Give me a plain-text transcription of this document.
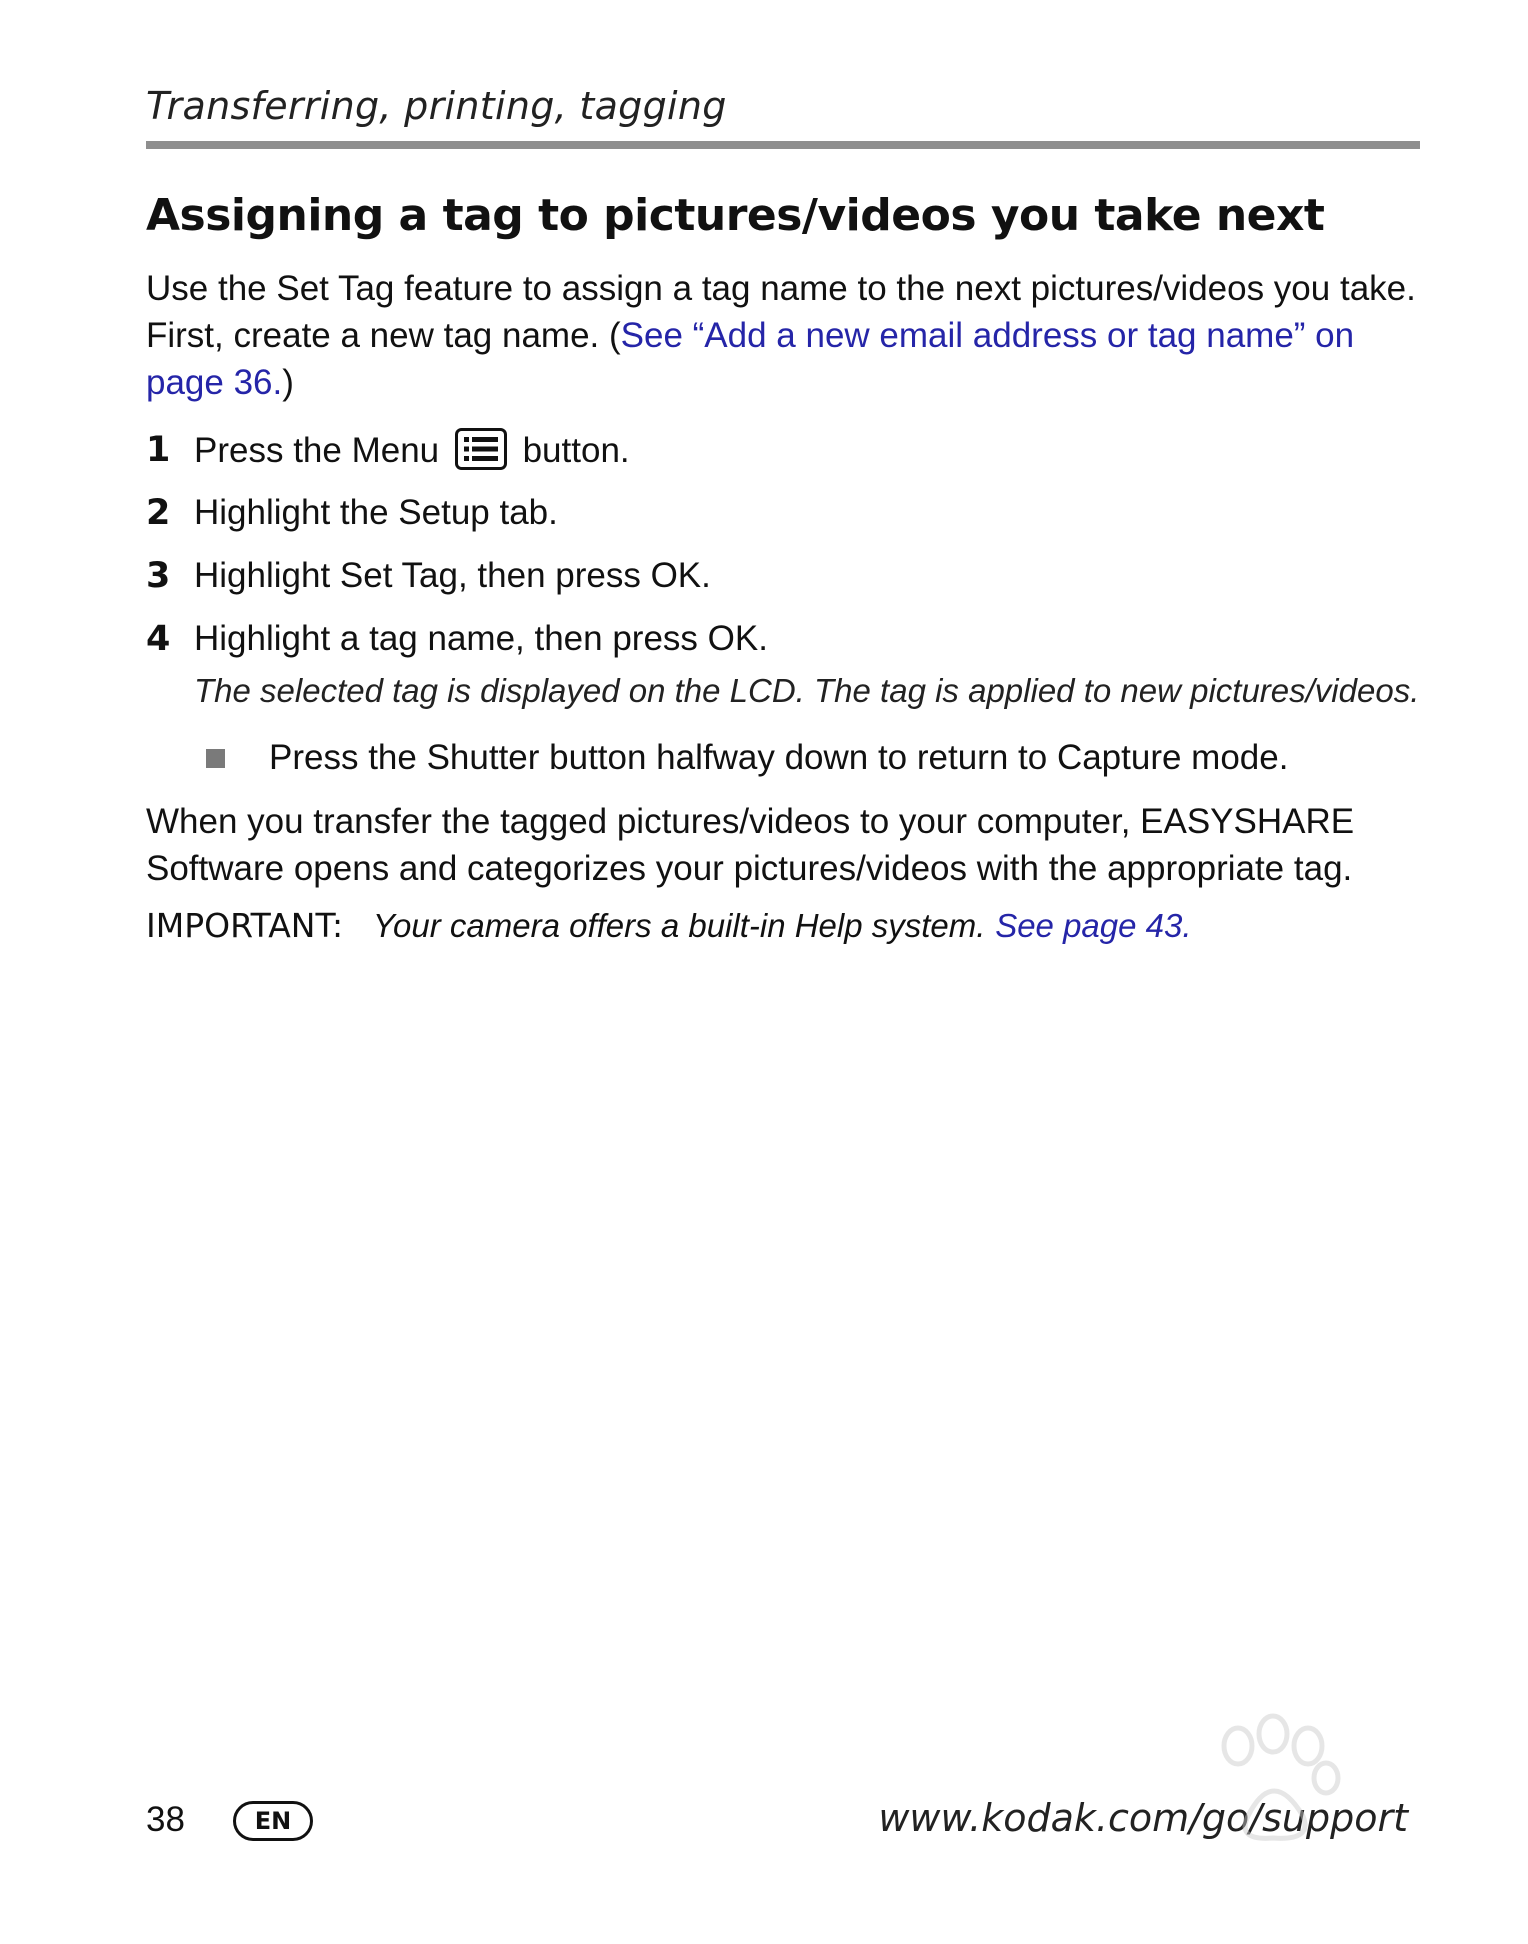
Transferring, printing, tagging
Assigning a tag to pictures/videos you take next

Use the Set Tag feature to assign a tag name to the next pictures/videos you take. First, create a new tag name. (See “Add a new email address or tag name” on page 36.)

1 Press the Menu button.
2 Highlight the Setup tab.
3 Highlight Set Tag, then press OK.
4 Highlight a tag name, then press OK.

The selected tag is displayed on the LCD. The tag is applied to new pictures/videos.

Press the Shutter button halfway down to return to Capture mode.

When you transfer the tagged pictures/videos to your computer, EASYSHARE Software opens and categorizes your pictures/videos with the appropriate tag.

IMPORTANT: Your camera offers a built-in Help system. See page 43.
38	EN	www.kodak.com/go/support
